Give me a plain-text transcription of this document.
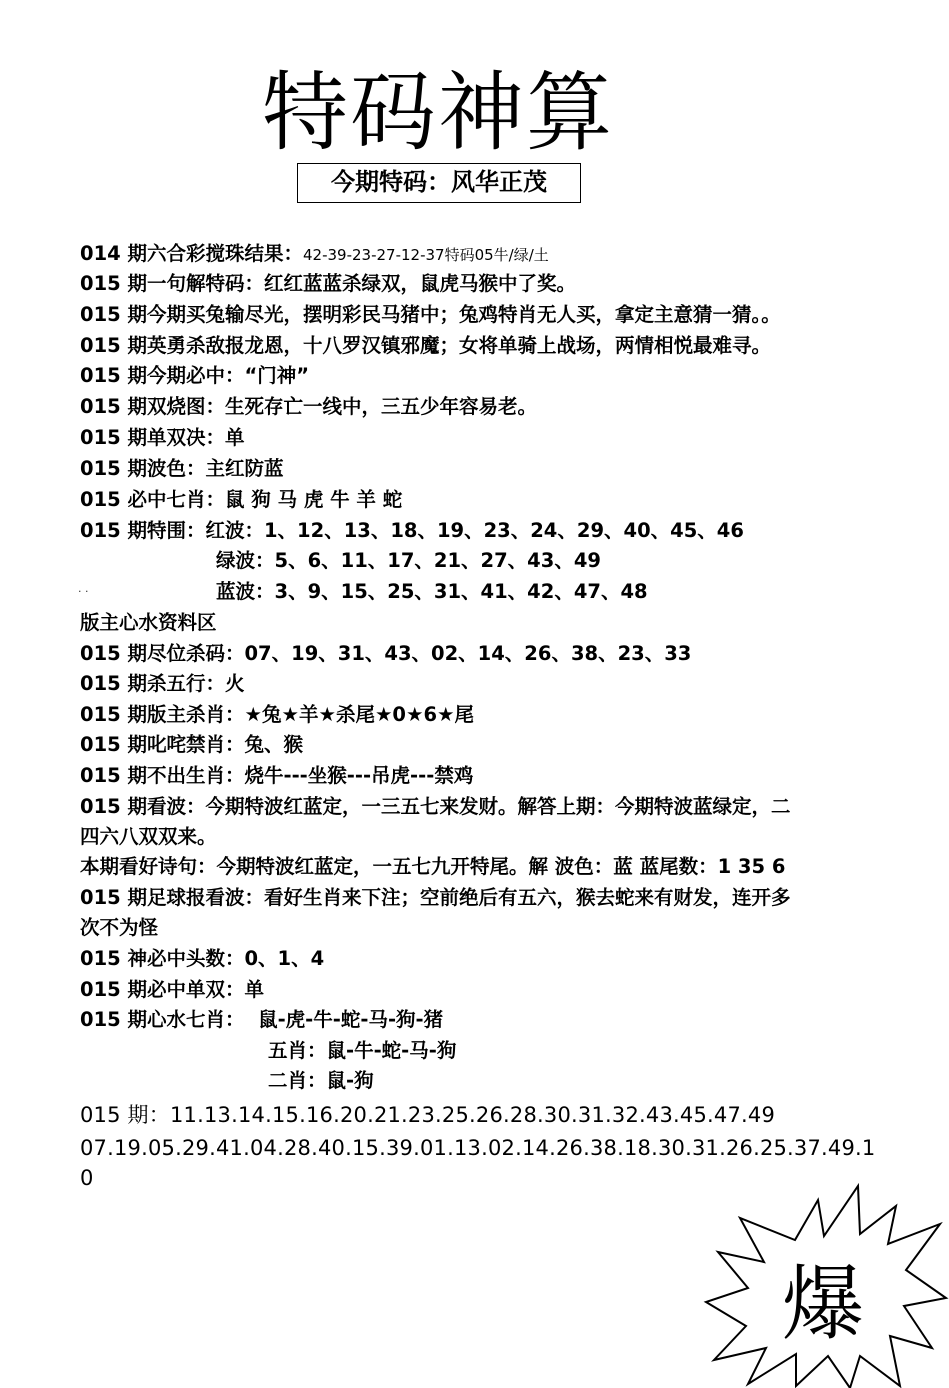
特码神算
今期特码：风华正茂
014 期六合彩搅珠结果：42-39-23-27-12-37特码05牛/绿/土
015 期一句解特码：红红蓝蓝杀绿双，鼠虎马猴中了奖。
015 期今期买兔输尽光，摆明彩民马猪中；兔鸡特肖无人买，拿定主意猜一猜。。
015 期英勇杀敌报龙恩，十八罗汉镇邪魔；女将单骑上战场，两情相悦最难寻。
015 期今期必中：“门神”
015 期双烧图：生死存亡一线中，三五少年容易老。
015 期单双决：单
015 期波色：主红防蓝
015 必中七肖：鼠 狗 马 虎 牛 羊 蛇
015 期特围：红波：1、12、13、18、19、23、24、29、40、45、46
绿波：5、6、11、17、21、27、43、49
蓝波：3、9、15、25、31、41、42、47、48
· ·
版主心水资料区
015 期尽位杀码：07、19、31、43、02、14、26、38、23、33
015 期杀五行：火
015 期版主杀肖：★兔★羊★杀尾★0★6★尾
015 期叱咤禁肖：兔、猴
015 期不出生肖：烧牛---坐猴---吊虎---禁鸡
015 期看波：今期特波红蓝定，一三五七来发财。解答上期：今期特波蓝绿定，二
四六八双双来。
本期看好诗句：今期特波红蓝定，一五七九开特尾。解 波色：蓝 蓝尾数：1 35 6
015 期足球报看波：看好生肖来下注；空前绝后有五六，猴去蛇来有财发，连开多
次不为怪
015 神必中头数：0、1、4
015 期必中单双：单
015 期心水七肖：  鼠-虎-牛-蛇-马-狗-猪
五肖：鼠-牛-蛇-马-狗
二肖：鼠-狗
015 期：11.13.14.15.16.20.21.23.25.26.28.30.31.32.43.45.47.49
07.19.05.29.41.04.28.40.15.39.01.13.02.14.26.38.18.30.31.26.25.37.49.1
0
爆
